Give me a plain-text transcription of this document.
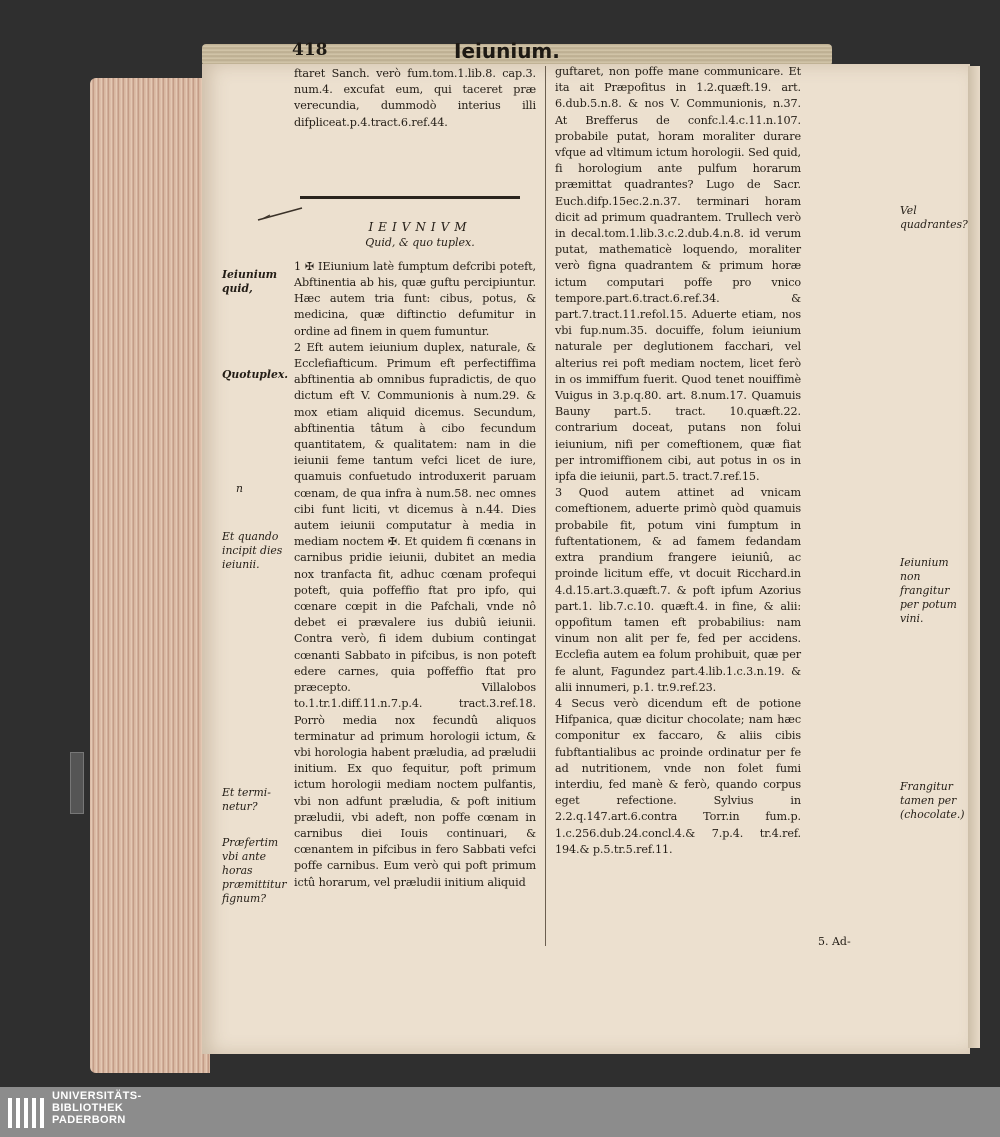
418	Ieiunium.

ftaret Sanch. verò fum.tom.1.lib.8. cap.3. num.4. excufat eum, qui taceret præ verecundia, dummodò interius illi difpliceat.p.4.tract.6.ref.44.

1 ✠ IEiunium latè fumptum defcribi poteft, Abftinentia ab his, quæ guftu percipiuntur. Hæc autem tria funt: cibus, potus, & medicina, quæ diftinctio defumitur in ordine ad finem in quem fumuntur.

2 Eft autem ieiunium duplex, naturale, & Ecclefiafticum. Primum eft perfectiffima abftinentia ab omnibus fupradictis, de quo dictum eft V. Communionis à num.29. & mox etiam aliquid dicemus. Secundum, abftinentia tâtum à cibo fecundum quantitatem, & qualitatem: nam in die ieiunii feme tantum vefci licet de iure, quamuis confuetudo introduxerit paruam cœnam, de qua infra à num.58. nec omnes cibi funt liciti, vt dicemus à n.44. Dies autem ieiunii computatur à media in mediam noctem ✠. Et quidem fi cœnans in carnibus pridie ieiunii, dubitet an media nox tranfacta fit, adhuc cœnam profequi poteft, quia poffeffio ftat pro ipfo, qui cœnare cœpit in die Pafchali, vnde nô debet ei prævalere ius dubiû ieiunii. Contra verò, fi idem dubium contingat cœnanti Sabbato in pifcibus, is non poteft edere carnes, quia poffeffio ftat pro præcepto. Villalobos to.1.tr.1.diff.11.n.7.p.4. tract.3.ref.18. Porrò media nox fecundû aliquos terminatur ad primum horologii ictum, & vbi horologia habent præludia, ad præludii initium. Ex quo fequitur, poft primum ictum horologii mediam noctem pulfantis, vbi non adfunt præludia, & poft initium præludii, vbi adeft, non poffe cœnam in carnibus diei Iouis continuari, & cœnantem in pifcibus in fero Sabbati vefci poffe carnibus. Eum verò qui poft primum ictû horarum, vel præludii initium aliquid

IEIVNIVM
Quid, & quo tuplex.

guftaret, non poffe mane communicare. Et ita ait Præpofitus in 1.2.quæft.19. art. 6.dub.5.n.8. & nos V. Communionis, n.37. At Brefferus de confc.l.4.c.11.n.107. probabile putat, horam moraliter durare vfque ad vltimum ictum horologii. Sed quid, fi horologium ante pulfum horarum præmittat quadrantes? Lugo de Sacr. Euch.difp.15ec.2.n.37. terminari horam dicit ad primum quadrantem. Trullech verò in decal.tom.1.lib.3.c.2.dub.4.n.8. id verum putat, mathematicè loquendo, moraliter verò figna quadrantem & primum horæ ictum computari poffe pro vnico tempore.part.6.tract.6.ref.34. & part.7.tract.11.refol.15. Aduerte etiam, nos vbi fup.num.35. docuiffe, folum ieiunium naturale per deglutionem facchari, vel alterius rei poft mediam noctem, licet ferò in os immiffum fuerit. Quod tenet nouiffimè Vuigus in 3.p.q.80. art. 8.num.17. Quamuis Bauny part.5. tract. 10.quæft.22. contrarium doceat, putans non folui ieiunium, nifi per comeftionem, quæ fiat per intromiffionem cibi, aut potus in os in ipfa die ieiunii, part.5. tract.7.ref.15.

3 Quod autem attinet ad vnicam comeftionem, aduerte primò quòd quamuis probabile fit, potum vini fumptum in fuftentationem, & ad famem fedandam extra prandium frangere ieiuniû, ac proinde licitum effe, vt docuit Ricchard.in 4.d.15.art.3.quæft.7. & poft ipfum Azorius part.1. lib.7.c.10. quæft.4. in fine, & alii: oppofitum tamen eft probabilius: nam vinum non alit per fe, fed per accidens. Ecclefia autem ea folum prohibuit, quæ per fe alunt, Fagundez part.4.lib.1.c.3.n.19. & alii innumeri, p.1. tr.9.ref.23.

4 Secus verò dicendum eft de potione Hifpanica, quæ dicitur chocolate; nam hæc componitur ex faccaro, & aliis cibis fubftantialibus ac proinde ordinatur per fe ad nutritionem, vnde non folet fumi interdiu, fed manè & ferò, quando corpus eget refectione. Sylvius in 2.2.q.147.art.6.contra Torr.in fum.p. 1.c.256.dub.24.concl.4.& 7.p.4. tr.4.ref. 194.& p.5.tr.5.ref.11.

Ieiunium quid,
Quotuplex.
n
Et quando incipit dies ieiunii.
Et termi- netur?
Præfertim vbi ante horas præmittitur fignum?
Vel quadrantes?
Ieiunium non frangitur per potum vini.
Frangitur tamen per (chocolate.)
5. Ad-
UNIVERSITÄTS-
BIBLIOTHEK
PADERBORN
